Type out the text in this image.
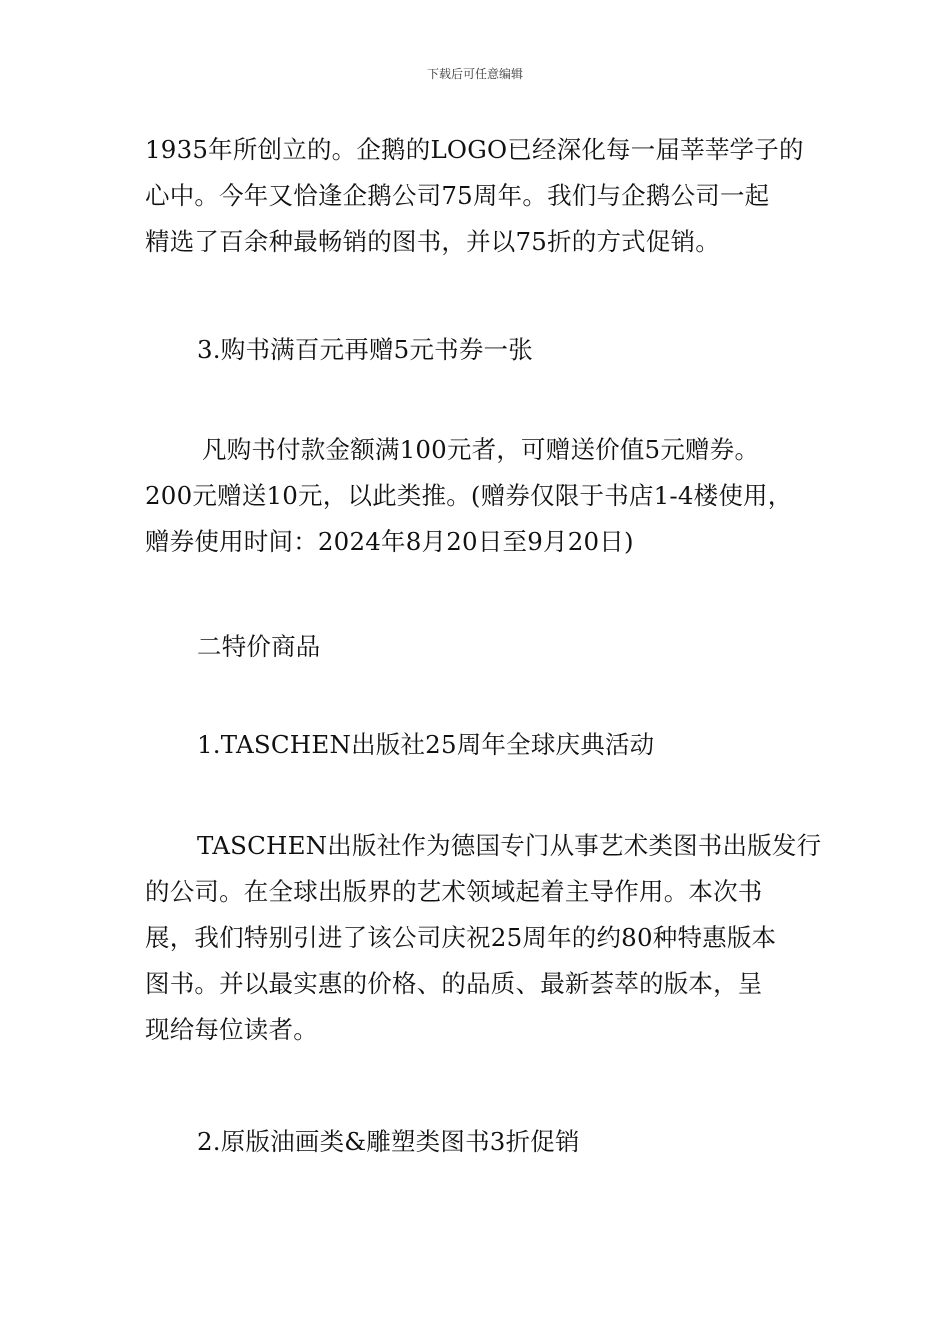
下载后可任意编辑
1935年所创立的。企鹅的LOGO已经深化每一届莘莘学子的
心中。今年又恰逢企鹅公司75周年。我们与企鹅公司一起
精选了百余种最畅销的图书，并以75折的方式促销。
3.购书满百元再赠5元书券一张
凡购书付款金额满100元者，可赠送价值5元赠券。
200元赠送10元，以此类推。(赠券仅限于书店1-4楼使用，
赠券使用时间：2024年8月20日至9月20日)
二特价商品
1.TASCHEN出版社25周年全球庆典活动
TASCHEN出版社作为德国专门从事艺术类图书出版发行
的公司。在全球出版界的艺术领域起着主导作用。本次书
展，我们特别引进了该公司庆祝25周年的约80种特惠版本
图书。并以最实惠的价格、的品质、最新荟萃的版本，呈
现给每位读者。
2.原版油画类&雕塑类图书3折促销
